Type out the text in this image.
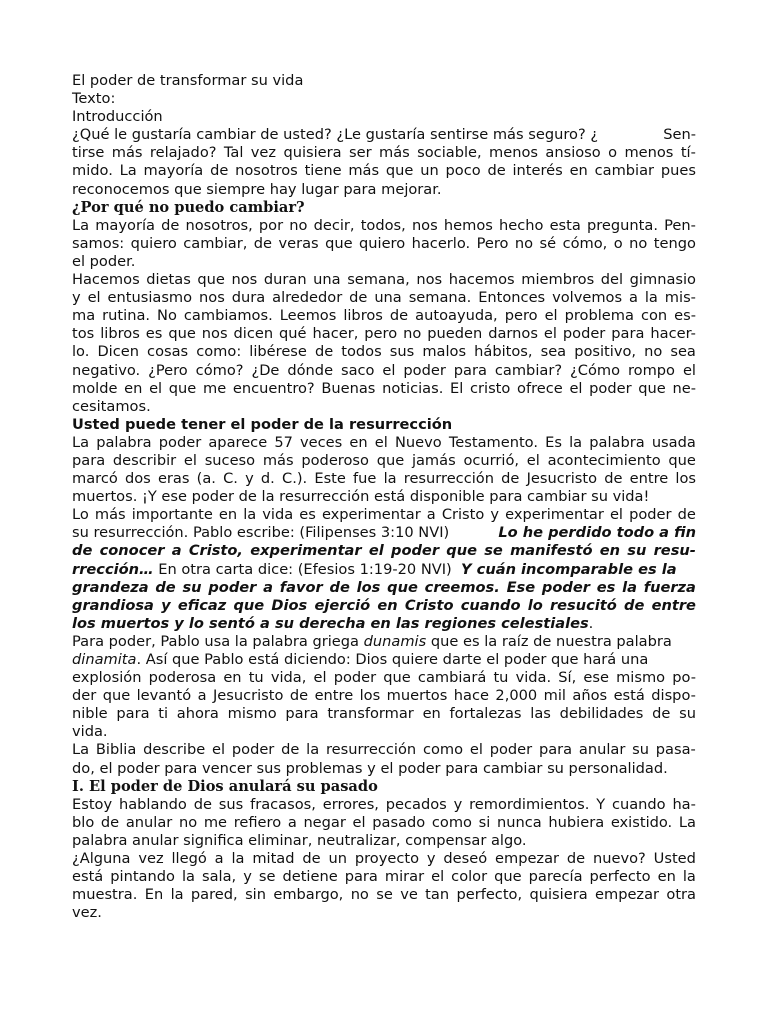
El poder de transformar su vida
Texto:
Introducción
¿Qué le gustaría cambiar de usted? ¿Le gustaría sentirse más seguro? ¿	Sen-
tirse más relajado? Tal vez quisiera ser más sociable, menos ansioso o menos tí-
mido. La mayoría de nosotros tiene más que un poco de interés en cambiar pues
reconocemos que siempre hay lugar para mejorar.
¿Por qué no puedo cambiar?
La mayoría de nosotros, por no decir, todos, nos hemos hecho esta pregunta. Pen-
samos: quiero cambiar, de veras que quiero hacerlo. Pero no sé cómo, o no tengo
el poder.
Hacemos dietas que nos duran una semana, nos hacemos miembros del gimnasio
y el entusiasmo nos dura alrededor de una semana. Entonces volvemos a la mis-
ma rutina. No cambiamos. Leemos libros de autoayuda, pero el problema con es-
tos libros es que nos dicen qué hacer, pero no pueden darnos el poder para hacer-
lo. Dicen cosas como: libérese de todos sus malos hábitos, sea positivo, no sea
negativo. ¿Pero cómo? ¿De dónde saco el poder para cambiar? ¿Cómo rompo el
molde en el que me encuentro? Buenas noticias. El cristo ofrece el poder que ne-
cesitamos.
Usted puede tener el poder de la resurrección
La palabra poder aparece 57 veces en el Nuevo Testamento. Es la palabra usada
para describir el suceso más poderoso que jamás ocurrió, el acontecimiento que
marcó dos eras (a. C. y d. C.). Este fue la resurrección de Jesucristo de entre los
muertos. ¡Y ese poder de la resurrección está disponible para cambiar su vida!
Lo más importante en la vida es experimentar a Cristo y experimentar el poder de
su resurrección. Pablo escribe: (Filipenses 3:10 NVI)	Lo he perdido todo a fin
de conocer a Cristo, experimentar el poder que se manifestó en su resu-
rrección… En otra carta dice: (Efesios 1:19-20 NVI) Y cuán incomparable es la
grandeza de su poder a favor de los que creemos. Ese poder es la fuerza
grandiosa y eficaz que Dios ejerció en Cristo cuando lo resucitó de entre
los muertos y lo sentó a su derecha en las regiones celestiales.
Para poder, Pablo usa la palabra griega dunamis que es la raíz de nuestra palabra
dinamita. Así que Pablo está diciendo: Dios quiere darte el poder que hará una
explosión poderosa en tu vida, el poder que cambiará tu vida. Sí, ese mismo po-
der que levantó a Jesucristo de entre los muertos hace 2,000 mil años está dispo-
nible para ti ahora mismo para transformar en fortalezas las debilidades de su
vida.
La Biblia describe el poder de la resurrección como el poder para anular su pasa-
do, el poder para vencer sus problemas y el poder para cambiar su personalidad.
I. El poder de Dios anulará su pasado
Estoy hablando de sus fracasos, errores, pecados y remordimientos. Y cuando ha-
blo de anular no me refiero a negar el pasado como si nunca hubiera existido. La
palabra anular significa eliminar, neutralizar, compensar algo.
¿Alguna vez llegó a la mitad de un proyecto y deseó empezar de nuevo? Usted
está pintando la sala, y se detiene para mirar el color que parecía perfecto en la
muestra. En la pared, sin embargo, no se ve tan perfecto, quisiera empezar otra
vez.
